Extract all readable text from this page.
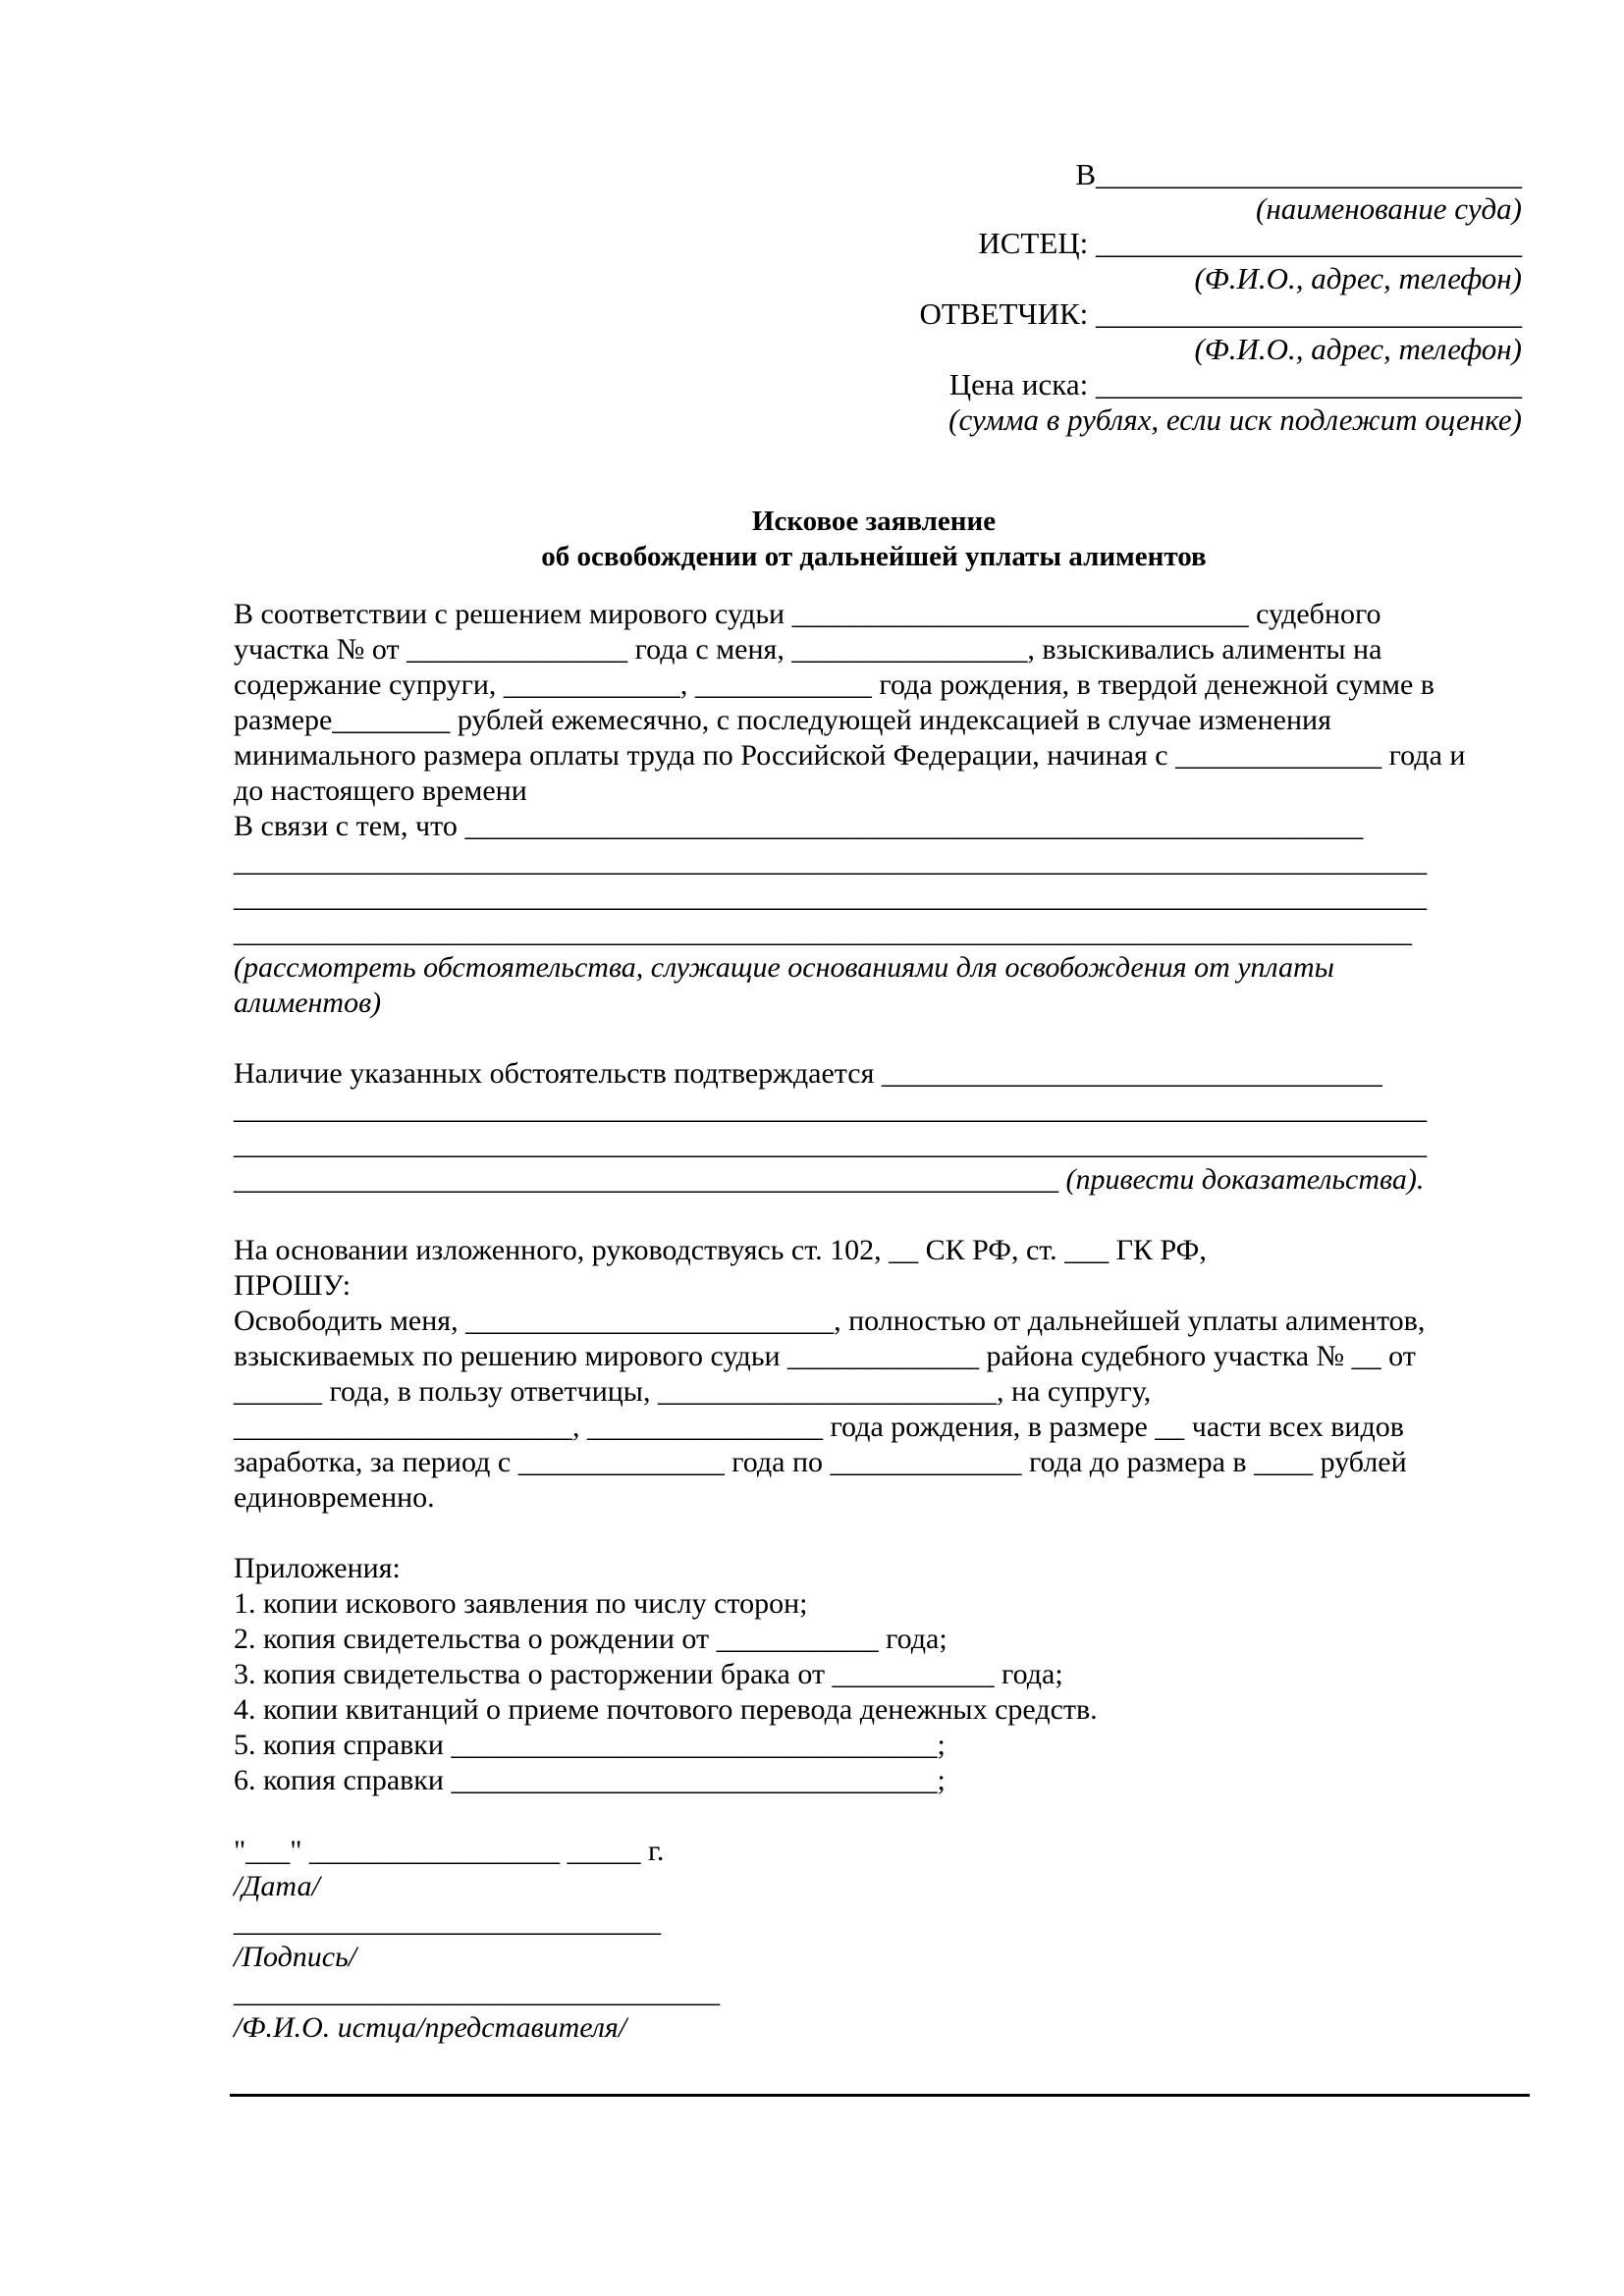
В____________________________
(наименование суда)
ИСТЕЦ: ____________________________
(Ф.И.О., адрес, телефон)
ОТВЕТЧИК: ____________________________
(Ф.И.О., адрес, телефон)
Цена иска: ____________________________
(сумма в рублях, если иск подлежит оценке)
Исковое заявление
об освобождении от дальнейшей уплаты алиментов
В соответствии с решением мирового судьи _______________________________ судебного
участка № от _______________ года с меня, ________________, взыскивались алименты на
содержание супруги, ____________, ____________ года рождения, в твердой денежной сумме в
размере________ рублей ежемесячно, с последующей индексацией в случае изменения
минимального размера оплаты труда по Российской Федерации, начиная с ______________ года и
до настоящего времени
В связи с тем, что _____________________________________________________________
_________________________________________________________________________________
_________________________________________________________________________________
________________________________________________________________________________
(рассмотреть обстоятельства, служащие основаниями для освобождения от уплаты
алиментов)
Наличие указанных обстоятельств подтверждается __________________________________
_________________________________________________________________________________
_________________________________________________________________________________
________________________________________________________ (привести доказательства).
На основании изложенного, руководствуясь ст. 102, __ СК РФ, ст. ___ ГК РФ,
ПРОШУ:
Освободить меня, _________________________, полностью от дальнейшей уплаты алиментов,
взыскиваемых по решению мирового судьи _____________ района судебного участка № __ от
______ года, в пользу ответчицы, _______________________, на супругу,
_______________________, ________________ года рождения, в размере __ части всех видов
заработка, за период с ______________ года по _____________ года до размера в ____ рублей
единовременно.
Приложения:
1. копии искового заявления по числу сторон;
2. копия свидетельства о рождении от ___________ года;
3. копия свидетельства о расторжении брака от ___________ года;
4. копии квитанций о приеме почтового перевода денежных средств.
5. копия справки _________________________________;
6. копия справки _________________________________;
"___" _________________ _____ г.
/Дата/
_____________________________
/Подпись/
_________________________________
/Ф.И.О. истца/представителя/
